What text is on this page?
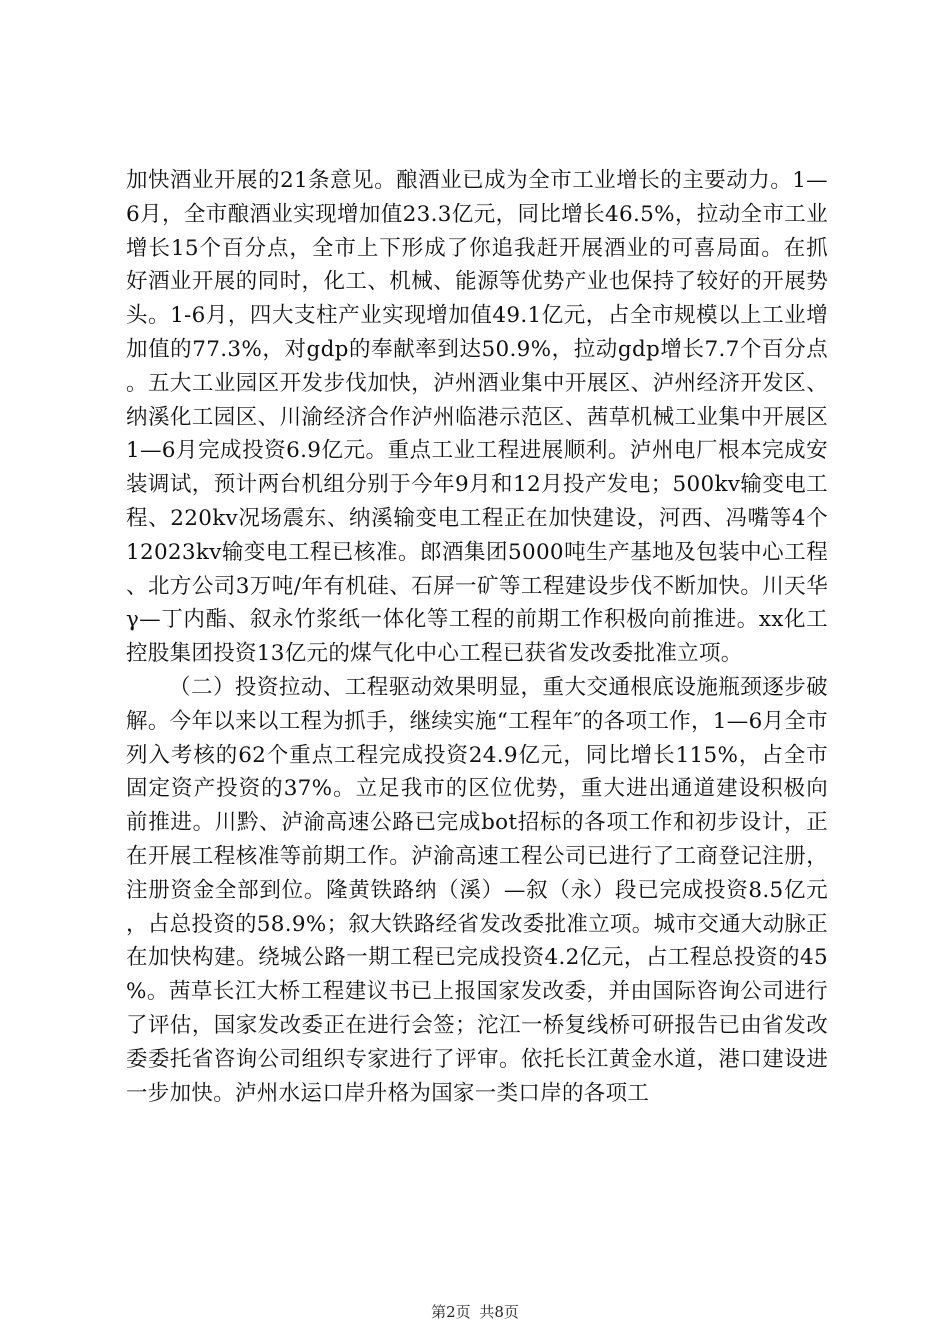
加快酒业开展的21条意见。酿酒业已成为全市工业增长的主要动力。1—6月，全市酿酒业实现增加值23.3亿元，同比增长46.5%，拉动全市工业增长15个百分点，全市上下形成了你追我赶开展酒业的可喜局面。在抓好酒业开展的同时，化工、机械、能源等优势产业也保持了较好的开展势头。1-6月，四大支柱产业实现增加值49.1亿元，占全市规模以上工业增加值的77.3%，对gdp的奉献率到达50.9%，拉动gdp增长7.7个百分点。五大工业园区开发步伐加快，泸州酒业集中开展区、泸州经济开发区、纳溪化工园区、川渝经济合作泸州临港示范区、茜草机械工业集中开展区1—6月完成投资6.9亿元。重点工业工程进展顺利。泸州电厂根本完成安装调试，预计两台机组分别于今年9月和12月投产发电；500kv输变电工程、220kv况场震东、纳溪输变电工程正在加快建设，河西、冯嘴等4个12023kv输变电工程已核准。郎酒集团5000吨生产基地及包装中心工程、北方公司3万吨/年有机硅、石屏一矿等工程建设步伐不断加快。川天华γ—丁内酯、叙永竹浆纸一体化等工程的前期工作积极向前推进。xx化工控股集团投资13亿元的煤气化中心工程已获省发改委批准立项。

（二）投资拉动、工程驱动效果明显，重大交通根底设施瓶颈逐步破解。今年以来以工程为抓手，继续实施“工程年″的各项工作，1—6月全市列入考核的62个重点工程完成投资24.9亿元，同比增长115%，占全市固定资产投资的37%。立足我市的区位优势，重大进出通道建设积极向前推进。川黔、泸渝高速公路已完成bot招标的各项工作和初步设计，正在开展工程核准等前期工作。泸渝高速工程公司已进行了工商登记注册，注册资金全部到位。隆黄铁路纳（溪）—叙（永）段已完成投资8.5亿元，占总投资的58.9%；叙大铁路经省发改委批准立项。城市交通大动脉正在加快构建。绕城公路一期工程已完成投资4.2亿元，占工程总投资的45%。茜草长江大桥工程建议书已上报国家发改委，并由国际咨询公司进行了评估，国家发改委正在进行会签；沱江一桥复线桥可研报告已由省发改委委托省咨询公司组织专家进行了评审。依托长江黄金水道，港口建设进一步加快。泸州水运口岸升格为国家一类口岸的各项工

第2页 共8页
